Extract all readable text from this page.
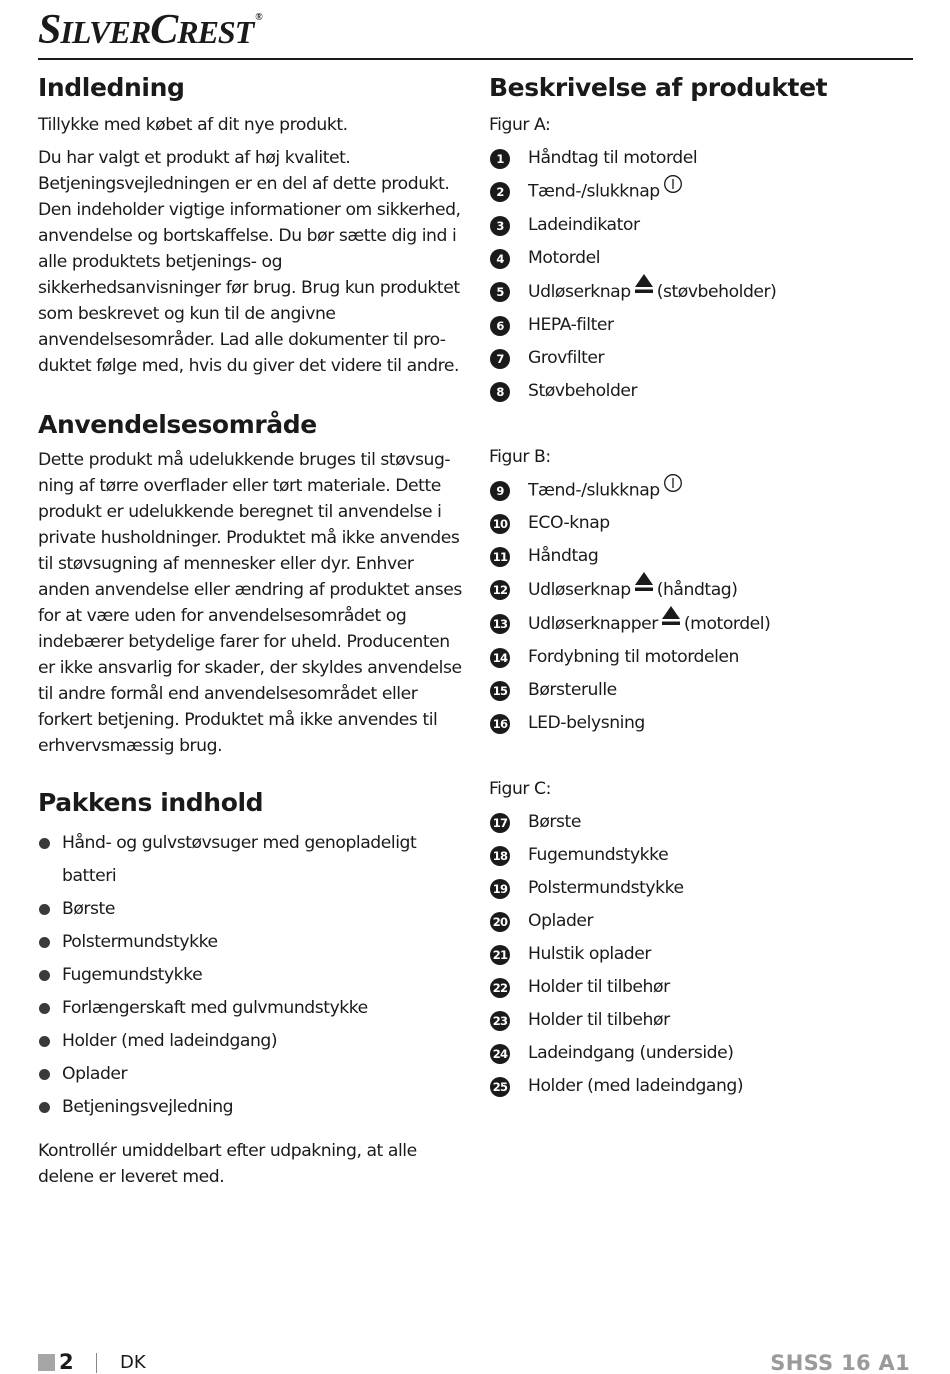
SILVERCREST ®
Indledning

Tillykke med købet af dit nye produkt.

Du har valgt et produkt af høj kvalitet. Betjeningsvejledningen er en del af dette produkt. Den indeholder vigtige informationer om sikkerhed, anvendelse og bortskaffelse. Du bør sætte dig ind i alle produktets betjenings- og sikkerhedsanvisninger før brug. Brug kun produktet som beskrevet og kun til de angivne anvendelsesområder. Lad alle dokumenter til produktet følge med, hvis du giver det videre til andre.

Anvendelsesområde

Dette produkt må udelukkende bruges til støvsugning af tørre overflader eller tørt materiale. Dette produkt er udelukkende beregnet til anvendelse i private husholdninger. Produktet må ikke anvendes til støvsugning af mennesker eller dyr. Enhver anden anvendelse eller ændring af produktet anses for at være uden for anvendelsesområdet og indebærer betydelige farer for uheld. Producenten er ikke ansvarlig for skader, der skyldes anvendelse til andre formål end anvendelsesområdet eller forkert betjening. Produktet må ikke anvendes til erhvervsmæssig brug.

Pakkens indhold
Hånd- og gulvstøvsuger med genopladeligt batteri
Børste
Polstermundstykke
Fugemundstykke
Forlængerskaft med gulvmundstykke
Holder (med ladeindgang)
Oplader
Betjeningsvejledning

Kontrollér umiddelbart efter udpakning, at alle delene er leveret med.

Beskrivelse af produktet
Figur A:
1	Håndtag til motordel
2	Tænd-/slukknap
3	Ladeindikator
4	Motordel
5	Udløserknap (støvbeholder)
6	HEPA-filter
7	Grovfilter
8	Støvbeholder
Figur B:
9	Tænd-/slukknap
10 ECO-knap
11 Håndtag
12 Udløserknap (håndtag)
13 Udløserknapper (motordel)
14 Fordybning til motordelen
15 Børsterulle
16 LED-belysning
Figur C:
17 Børste
18 Fugemundstykke
19 Polstermundstykke
20 Oplader
21 Hulstik oplader
22 Holder til tilbehør
23 Holder til tilbehør
24 Ladeindgang (underside)
25 Holder (med ladeindgang)
2	DK	SHSS 16 A1
